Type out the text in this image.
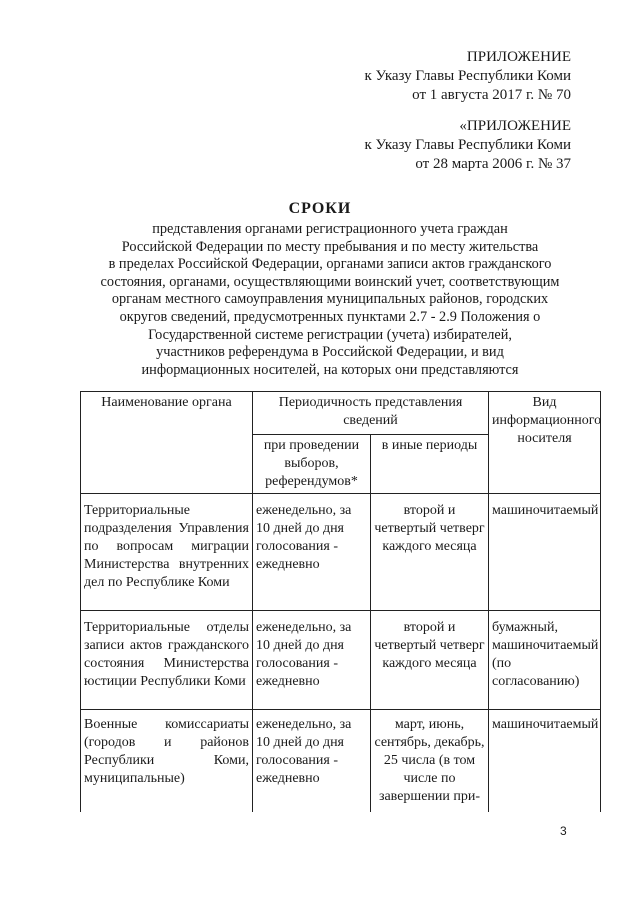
ПРИЛОЖЕНИЕ
к Указу Главы Республики Коми
от 1 августа 2017 г. № 70
«ПРИЛОЖЕНИЕ
к Указу Главы Республики Коми
от 28 марта 2006 г. № 37
СРОКИ
представления органами регистрационного учета граждан
Российской Федерации по месту пребывания и по месту жительства
в пределах Российской Федерации, органами записи актов гражданского
состояния, органами, осуществляющими воинский учет, соответствующим
органам местного самоуправления муниципальных районов, городских
округов сведений, предусмотренных пунктами 2.7 - 2.9 Положения о
Государственной системе регистрации (учета) избирателей,
участников референдума в Российской Федерации, и вид
информационных носителей, на которых они представляются
Наименование органа	Периодичность представления сведений		Вид информационного носителя
	при проведении выборов, референдумов*	в иные периоды	
Территориальные подразделения Управления по вопросам миграции Министерства внутренних дел по Республике Коми	еженедельно, за 10 дней до дня голосования - ежедневно	второй и четвертый четверг каждого месяца	машиночитаемый
Территориальные отделы записи актов гражданского состояния Министерства юстиции Республики Коми	еженедельно, за 10 дней до дня голосования - ежедневно	второй и четвертый четверг каждого месяца	бумажный, машиночитаемый (по согласованию)
Военные комиссариаты (городов и районов Республики Коми, муниципальные)	еженедельно, за 10 дней до дня голосования - ежедневно	март, июнь, сентябрь, декабрь, 25 числа (в том числе по завершении при-	машиночитаемый
3
